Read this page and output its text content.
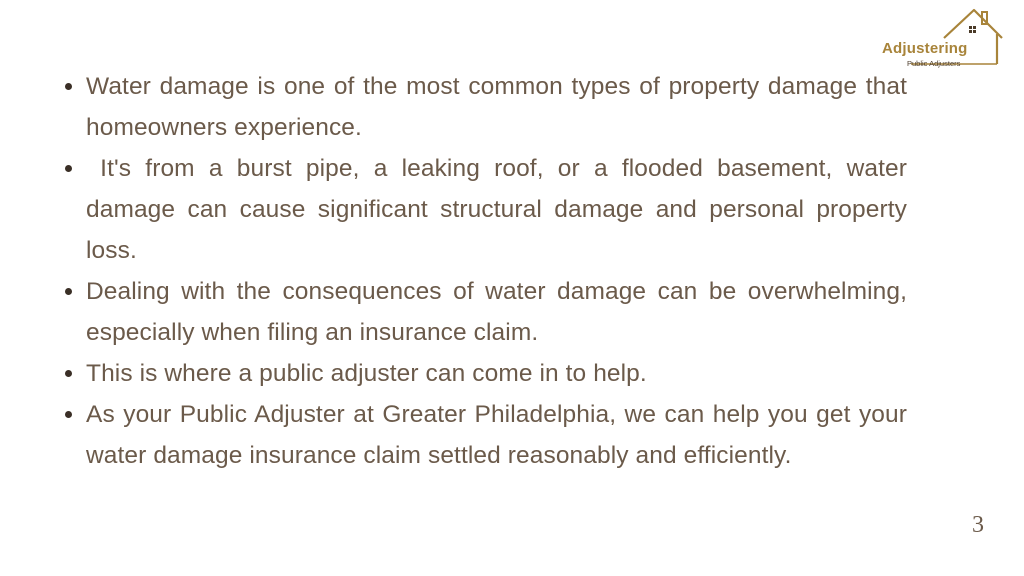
Adjustering
Public Adjusters
Water damage is one of the most common types of property damage that homeowners experience.
It's from a burst pipe, a leaking roof, or a flooded basement, water damage can cause significant structural damage and personal property loss.
Dealing with the consequences of water damage can be overwhelming, especially when filing an insurance claim.
This is where a public adjuster can come in to help.
As your Public Adjuster at Greater Philadelphia, we can help you get your water damage insurance claim settled reasonably and efficiently.
3
